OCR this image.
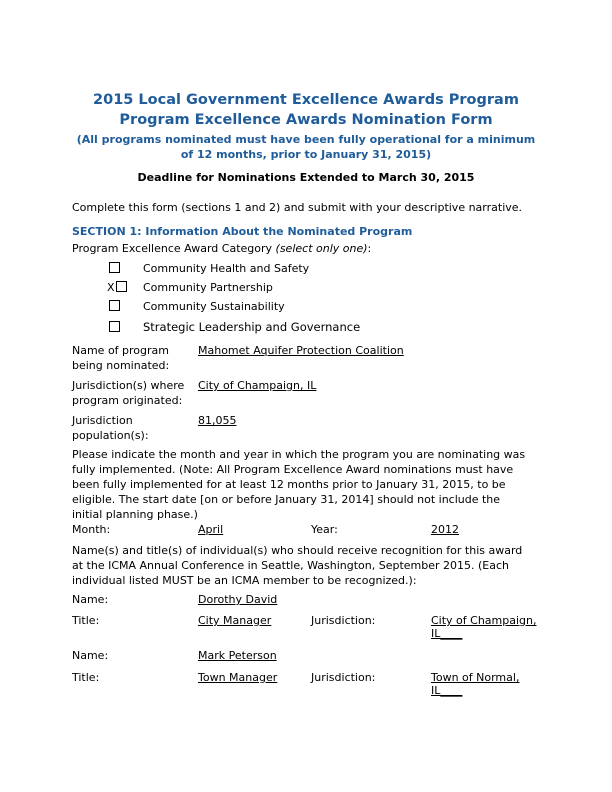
2015 Local Government Excellence Awards Program
Program Excellence Awards Nomination Form
(All programs nominated must have been fully operational for a minimum
of 12 months, prior to January 31, 2015)
Deadline for Nominations Extended to March 30, 2015
Complete this form (sections 1 and 2) and submit with your descriptive narrative.
SECTION 1: Information About the Nominated Program
Program Excellence Award Category (select only one):
Community Health and Safety
X	Community Partnership
Community Sustainability
Strategic Leadership and Governance
Name of program
being nominated:
Mahomet Aquifer Protection Coalition
Jurisdiction(s) where
program originated:
City of Champaign, IL
Jurisdiction
population(s):
81,055
Please indicate the month and year in which the program you are nominating was
fully implemented. (Note: All Program Excellence Award nominations must have
been fully implemented for at least 12 months prior to January 31, 2015, to be
eligible. The start date [on or before January 31, 2014] should not include the
initial planning phase.)
Month:	April	Year:	2012
Name(s) and title(s) of individual(s) who should receive recognition for this award
at the ICMA Annual Conference in Seattle, Washington, September 2015. (Each
individual listed MUST be an ICMA member to be recognized.):
Name:	Dorothy David
Title:	City Manager	Jurisdiction:	City of Champaign,
IL____
Name:	Mark Peterson
Title:	Town Manager	Jurisdiction:	Town of Normal,
IL____
